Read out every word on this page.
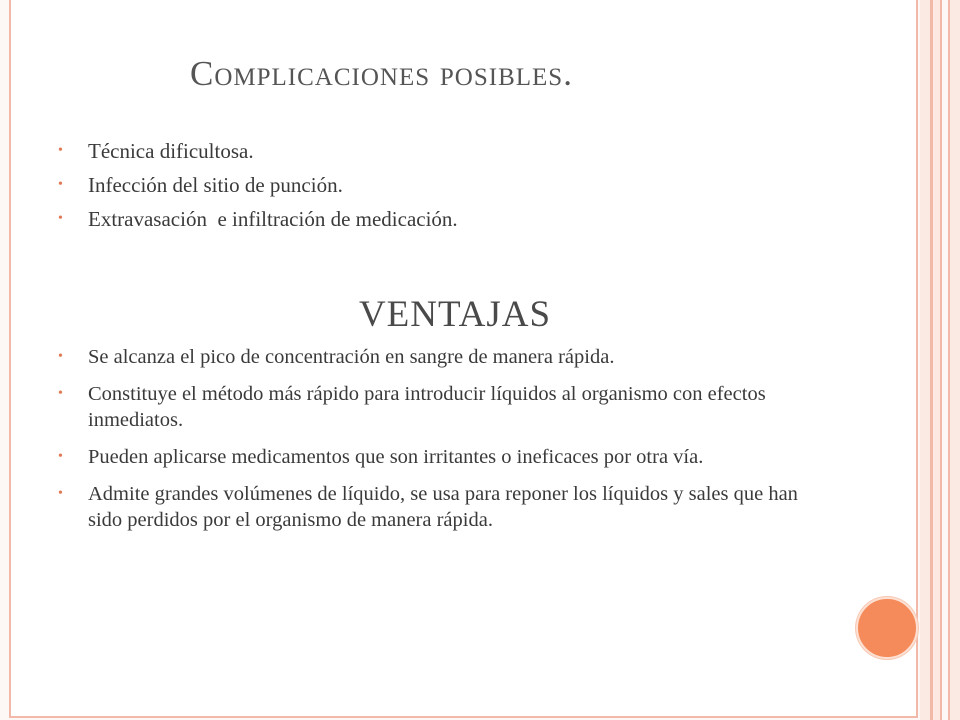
Complicaciones posibles.
• Técnica dificultosa.
• Infección del sitio de punción.
• Extravasación  e infiltración de medicación.
VENTAJAS
• Se alcanza el pico de concentración en sangre de manera rápida.
• Constituye el método más rápido para introducir líquidos al organismo con efectos inmediatos.
• Pueden aplicarse medicamentos que son irritantes o ineficaces por otra vía.
• Admite grandes volúmenes de líquido, se usa para reponer los líquidos y sales que han sido perdidos por el organismo de manera rápida.
